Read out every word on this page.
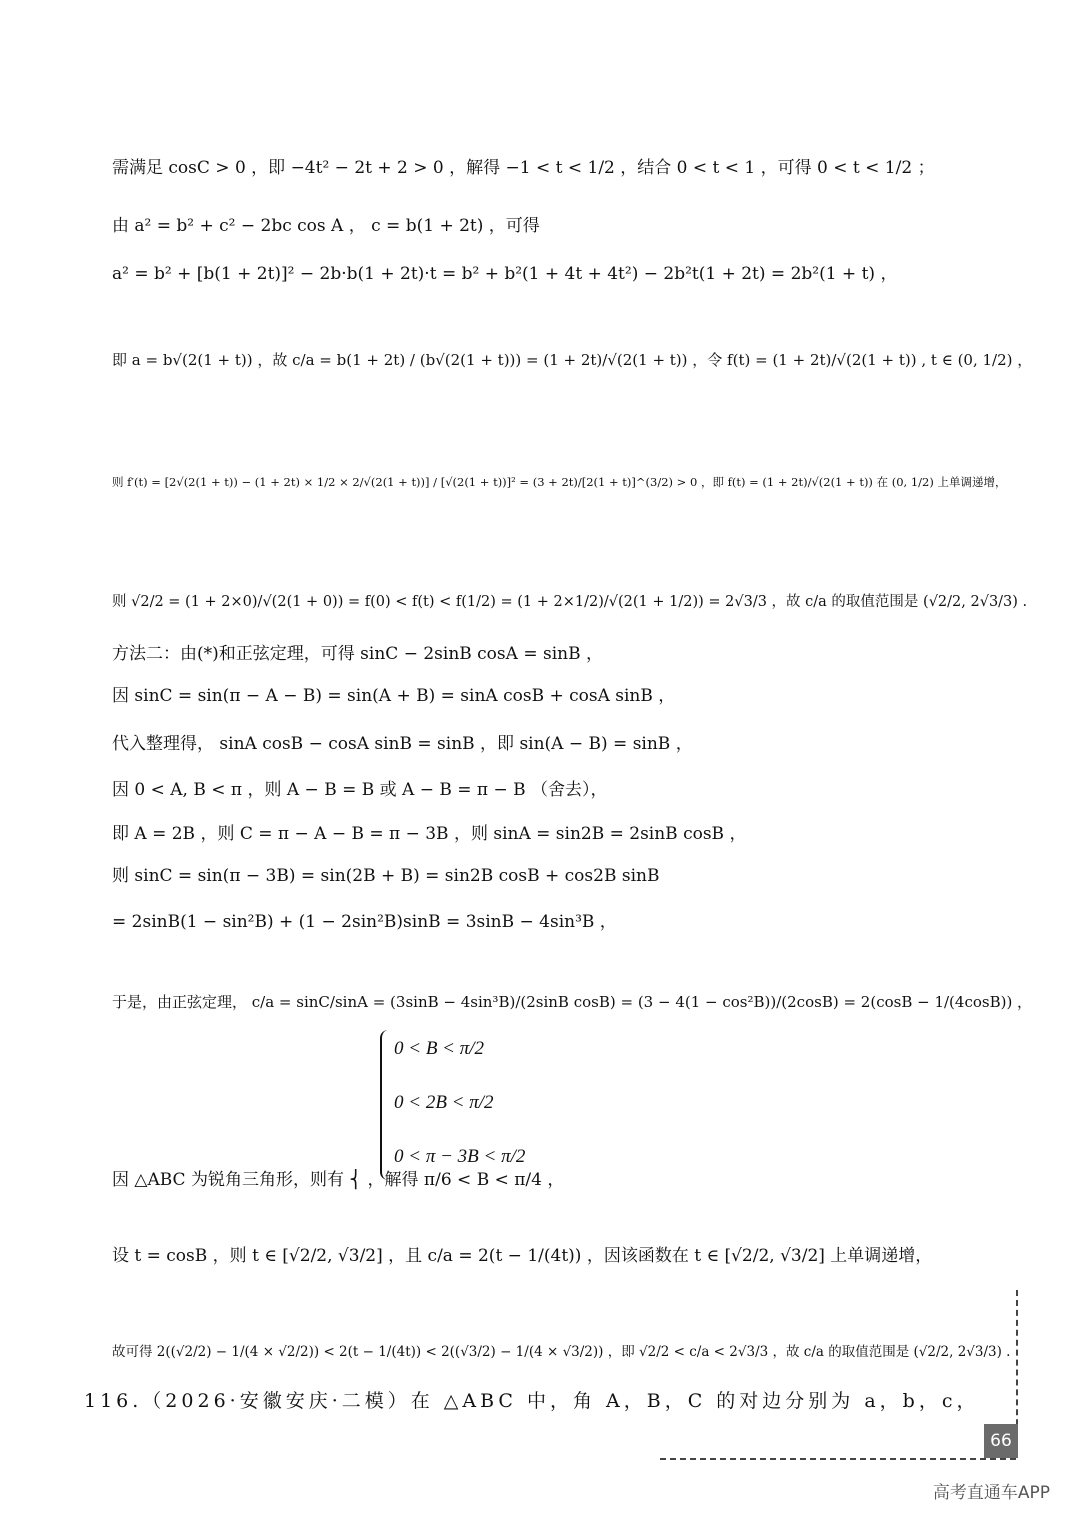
需满足 cosC > 0 ，即 −4t² − 2t + 2 > 0 ，解得 −1 < t < 1/2 ，结合 0 < t < 1 ，可得 0 < t < 1/2 ；
由 a² = b² + c² − 2bc cos A ， c = b(1 + 2t) ，可得
a² = b² + [b(1 + 2t)]² − 2b·b(1 + 2t)·t = b² + b²(1 + 4t + 4t²) − 2b²t(1 + 2t) = 2b²(1 + t) ，
即 a = b√(2(1 + t)) ，故 c/a = b(1 + 2t) / (b√(2(1 + t))) = (1 + 2t)/√(2(1 + t)) ，令 f(t) = (1 + 2t)/√(2(1 + t)) , t ∈ (0, 1/2) ，
则 f′(t) = [2√(2(1 + t)) − (1 + 2t) × 1/2 × 2/√(2(1 + t))] / [√(2(1 + t))]² = (3 + 2t)/[2(1 + t)]^(3/2) > 0 ，即 f(t) = (1 + 2t)/√(2(1 + t)) 在 (0, 1/2) 上单调递增，
则 √2/2 = (1 + 2×0)/√(2(1 + 0)) = f(0) < f(t) < f(1/2) = (1 + 2×1/2)/√(2(1 + 1/2)) = 2√3/3 ，故 c/a 的取值范围是 (√2/2, 2√3/3) .
方法二：由(*)和正弦定理，可得 sinC − 2sinB cosA = sinB ，
因 sinC = sin(π − A − B) = sin(A + B) = sinA cosB + cosA sinB ，
代入整理得， sinA cosB − cosA sinB = sinB ，即 sin(A − B) = sinB ，
因 0 < A, B < π ，则 A − B = B 或 A − B = π − B （舍去），
即 A = 2B ，则 C = π − A − B = π − 3B ，则 sinA = sin2B = 2sinB cosB ，
则 sinC = sin(π − 3B) = sin(2B + B) = sin2B cosB + cos2B sinB
= 2sinB(1 − sin²B) + (1 − 2sin²B)sinB = 3sinB − 4sin³B ，
于是，由正弦定理， c/a = sinC/sinA = (3sinB − 4sin³B)/(2sinB cosB) = (3 − 4(1 − cos²B))/(2cosB) = 2(cosB − 1/(4cosB)) ，
0 < B < π/2
0 < 2B < π/2
0 < π − 3B < π/2
因 △ABC 为锐角三角形，则有 ⎨ ，解得 π/6 < B < π/4 ，
设 t = cosB ，则 t ∈ [√2/2, √3/2] ，且 c/a = 2(t − 1/(4t)) ，因该函数在 t ∈ [√2/2, √3/2] 上单调递增，
故可得 2((√2/2) − 1/(4 × √2/2)) < 2(t − 1/(4t)) < 2((√3/2) − 1/(4 × √3/2)) ，即 √2/2 < c/a < 2√3/3 ，故 c/a 的取值范围是 (√2/2, 2√3/3) .
116.（2026·安徽安庆·二模）在 △ABC 中，角 A，B，C 的对边分别为 a，b，c，
66
高考直通车APP
